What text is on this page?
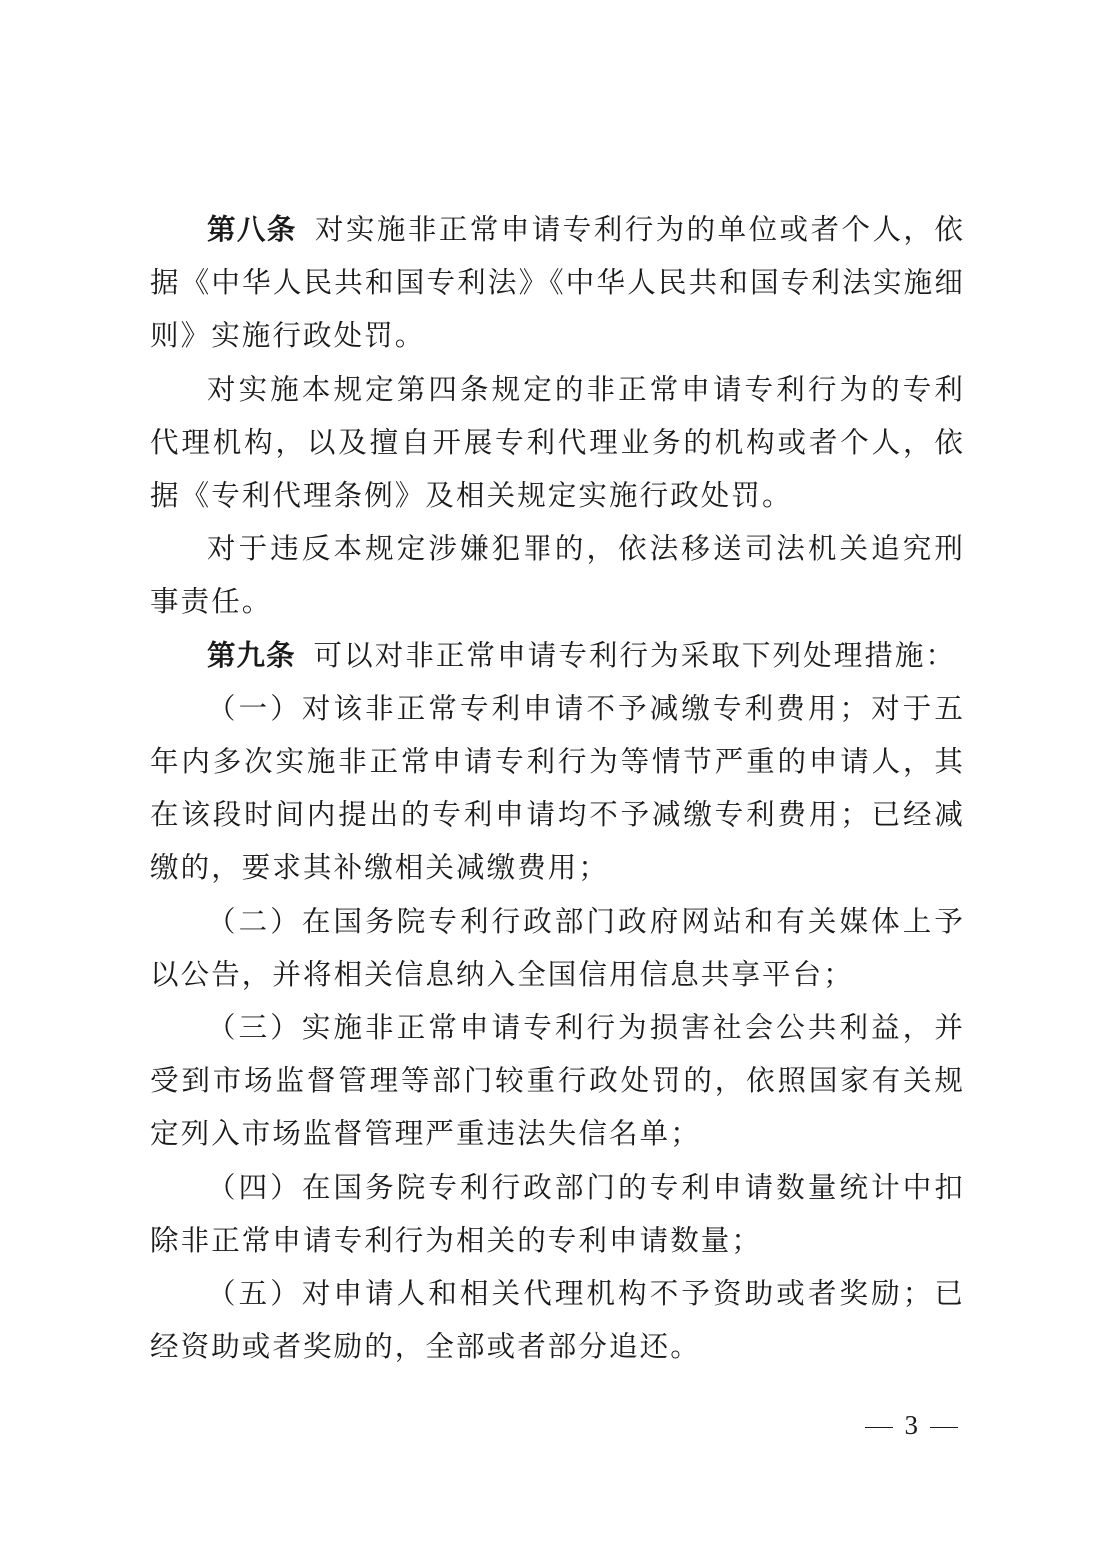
第八条 对实施非正常申请专利行为的单位或者个人，依据《中华人民共和国专利法》《中华人民共和国专利法实施细则》实施行政处罚。

对实施本规定第四条规定的非正常申请专利行为的专利代理机构，以及擅自开展专利代理业务的机构或者个人，依据《专利代理条例》及相关规定实施行政处罚。

对于违反本规定涉嫌犯罪的，依法移送司法机关追究刑事责任。

第九条 可以对非正常申请专利行为采取下列处理措施：

（一）对该非正常专利申请不予减缴专利费用；对于五年内多次实施非正常申请专利行为等情节严重的申请人，其在该段时间内提出的专利申请均不予减缴专利费用；已经减缴的，要求其补缴相关减缴费用；

（二）在国务院专利行政部门政府网站和有关媒体上予以公告，并将相关信息纳入全国信用信息共享平台；

（三）实施非正常申请专利行为损害社会公共利益，并受到市场监督管理等部门较重行政处罚的，依照国家有关规定列入市场监督管理严重违法失信名单；

（四）在国务院专利行政部门的专利申请数量统计中扣除非正常申请专利行为相关的专利申请数量；

（五）对申请人和相关代理机构不予资助或者奖励；已经资助或者奖励的，全部或者部分追还。

3
